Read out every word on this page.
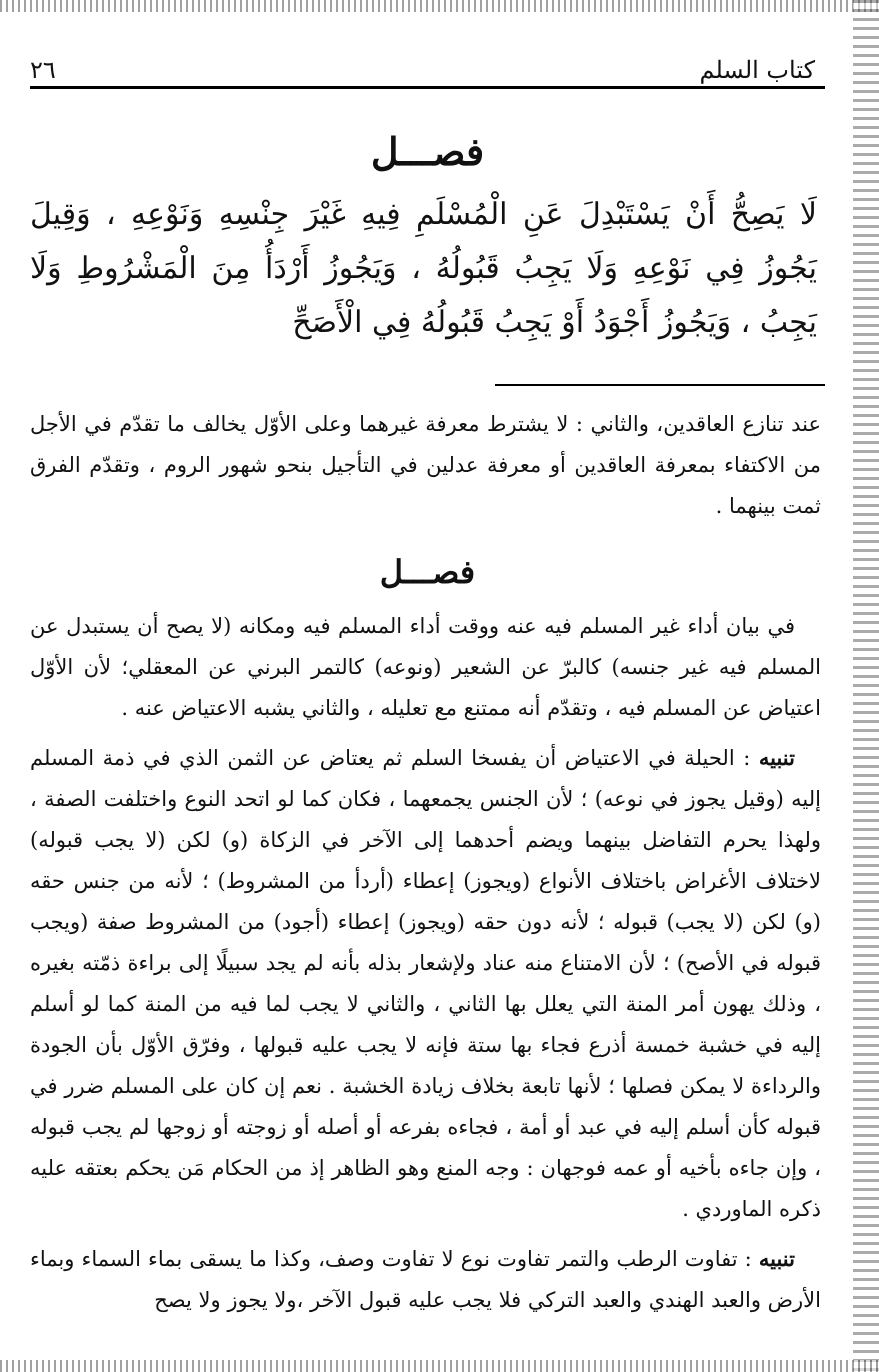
كتاب السلم
٢٦
فصـــل

لَا يَصِحُّ أَنْ يَسْتَبْدِلَ عَنِ الْمُسْلَمِ فِيهِ غَيْرَ جِنْسِهِ وَنَوْعِهِ ، وَقِيلَ يَجُوزُ فِي نَوْعِهِ وَلَا يَجِبُ قَبُولُهُ ، وَيَجُوزُ أَرْدَأُ مِنَ الْمَشْرُوطِ وَلَا يَجِبُ ، وَيَجُوزُ أَجْوَدُ أَوْ يَجِبُ قَبُولُهُ فِي الْأَصَحِّ

عند تنازع العاقدين، والثاني : لا يشترط معرفة غيرهما وعلى الأوّل يخالف ما تقدّم في الأجل من الاكتفاء بمعرفة العاقدين أو معرفة عدلين في التأجيل بنحو شهور الروم ، وتقدّم الفرق ثمت بينهما .

فصـــل

في بيان أداء غير المسلم فيه عنه ووقت أداء المسلم فيه ومكانه (لا يصح أن يستبدل عن المسلم فيه غير جنسه) كالبرّ عن الشعير (ونوعه) كالتمر البرني عن المعقلي؛ لأن الأوّل اعتياض عن المسلم فيه ، وتقدّم أنه ممتنع مع تعليله ، والثاني يشبه الاعتياض عنه .

تنبيه : الحيلة في الاعتياض أن يفسخا السلم ثم يعتاض عن الثمن الذي في ذمة المسلم إليه (وقيل يجوز في نوعه) ؛ لأن الجنس يجمعهما ، فكان كما لو اتحد النوع واختلفت الصفة ، ولهذا يحرم التفاضل بينهما ويضم أحدهما إلى الآخر في الزكاة (و) لكن (لا يجب قبوله) لاختلاف الأغراض باختلاف الأنواع (ويجوز) إعطاء (أردأ من المشروط) ؛ لأنه من جنس حقه (و) لكن (لا يجب) قبوله ؛ لأنه دون حقه (ويجوز) إعطاء (أجود) من المشروط صفة (ويجب قبوله في الأصح) ؛ لأن الامتناع منه عناد ولإشعار بذله بأنه لم يجد سبيلًا إلى براءة ذمّته بغيره ، وذلك يهون أمر المنة التي يعلل بها الثاني ، والثاني لا يجب لما فيه من المنة كما لو أسلم إليه في خشبة خمسة أذرع فجاء بها ستة فإنه لا يجب عليه قبولها ، وفرّق الأوّل بأن الجودة والرداءة لا يمكن فصلها ؛ لأنها تابعة بخلاف زيادة الخشبة . نعم إن كان على المسلم ضرر في قبوله كأن أسلم إليه في عبد أو أمة ، فجاءه بفرعه أو أصله أو زوجته أو زوجها لم يجب قبوله ، وإن جاءه بأخيه أو عمه فوجهان : وجه المنع وهو الظاهر إذ من الحكام مَن يحكم بعتقه عليه ذكره الماوردي .

تنبيه : تفاوت الرطب والتمر تفاوت نوع لا تفاوت وصف، وكذا ما يسقى بماء السماء وبماء الأرض والعبد الهندي والعبد التركي فلا يجب عليه قبول الآخر ،ولا يجوز ولا يصح
